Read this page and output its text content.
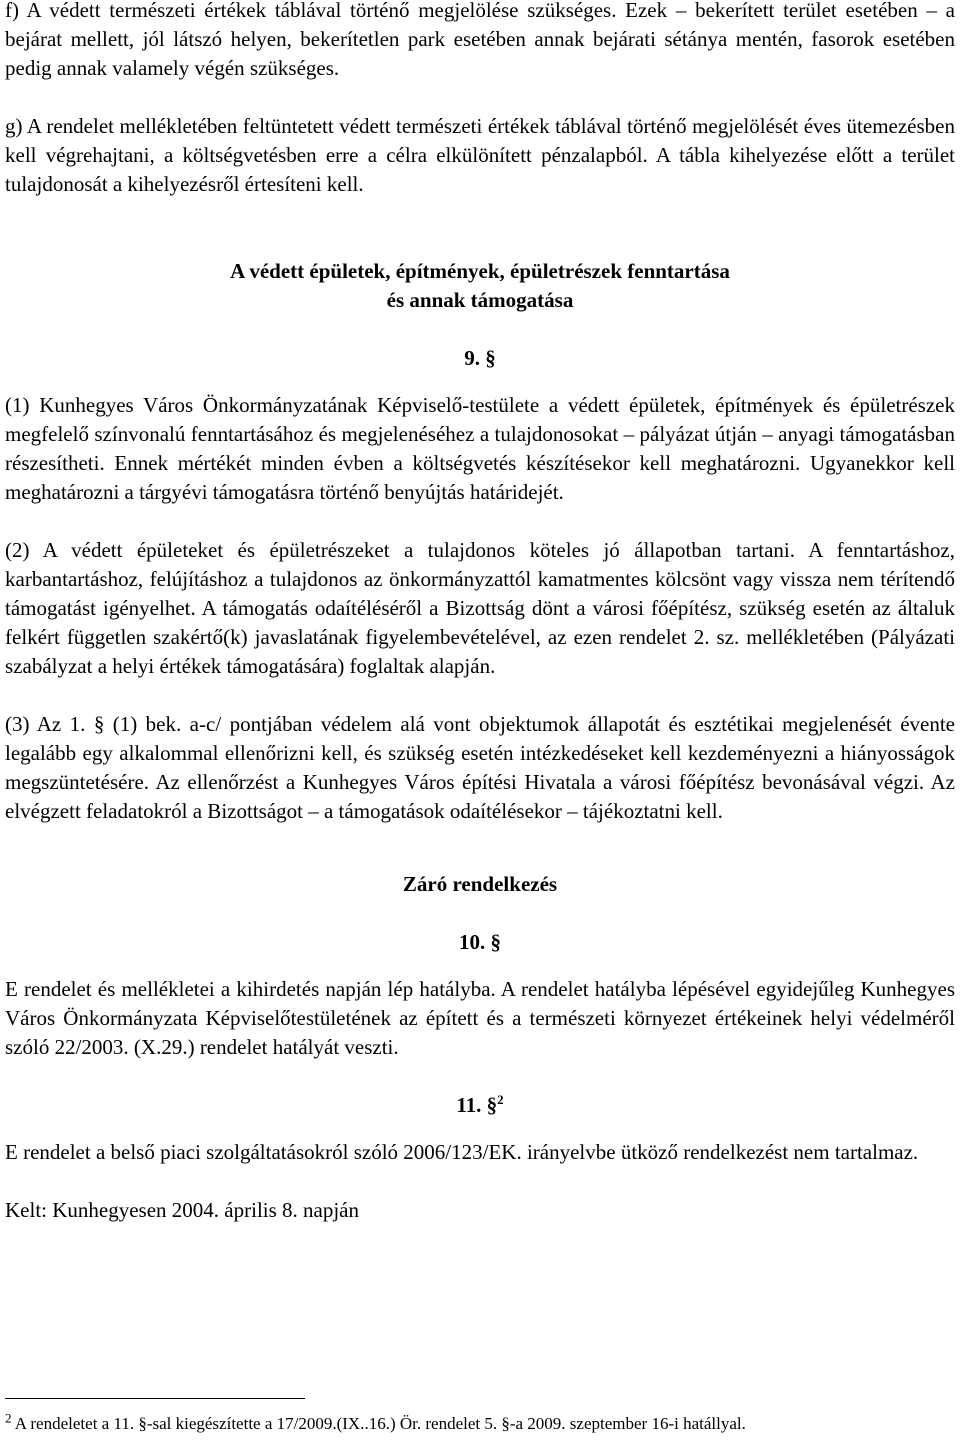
f) A védett természeti értékek táblával történő megjelölése szükséges. Ezek – bekerített terület esetében – a bejárat mellett, jól látszó helyen, bekerítetlen park esetében annak bejárati sétánya mentén, fasorok esetében pedig annak valamely végén szükséges.

g) A rendelet mellékletében feltüntetett védett természeti értékek táblával történő megjelölését éves ütemezésben kell végrehajtani, a költségvetésben erre a célra elkülönített pénzalapból. A tábla kihelyezése előtt a terület tulajdonosát a kihelyezésről értesíteni kell.

A védett épületek, építmények, épületrészek fenntartása
és annak támogatása

9. §

(1) Kunhegyes Város Önkormányzatának Képviselő-testülete a védett épületek, építmények és épületrészek megfelelő színvonalú fenntartásához és megjelenéséhez a tulajdonosokat – pályázat útján – anyagi támogatásban részesítheti. Ennek mértékét minden évben a költségvetés készítésekor kell meghatározni. Ugyanekkor kell meghatározni a tárgyévi támogatásra történő benyújtás határidejét.

(2) A védett épületeket és épületrészeket a tulajdonos köteles jó állapotban tartani. A fenntartáshoz, karbantartáshoz, felújításhoz a tulajdonos az önkormányzattól kamatmentes kölcsönt vagy vissza nem térítendő támogatást igényelhet. A támogatás odaítéléséről a Bizottság dönt a városi főépítész, szükség esetén az általuk felkért független szakértő(k) javaslatának figyelembevételével, az ezen rendelet 2. sz. mellékletében (Pályázati szabályzat a helyi értékek támogatására) foglaltak alapján.

(3) Az 1. § (1) bek. a-c/ pontjában védelem alá vont objektumok állapotát és esztétikai megjelenését évente legalább egy alkalommal ellenőrizni kell, és szükség esetén intézkedéseket kell kezdeményezni a hiányosságok megszüntetésére. Az ellenőrzést a Kunhegyes Város építési Hivatala a városi főépítész bevonásával végzi. Az elvégzett feladatokról a Bizottságot – a támogatások odaítélésekor – tájékoztatni kell.

Záró rendelkezés

10. §

E rendelet és mellékletei a kihirdetés napján lép hatályba. A rendelet hatályba lépésével egyidejűleg Kunhegyes Város Önkormányzata Képviselőtestületének az épített és a természeti környezet értékeinek helyi védelméről szóló 22/2003. (X.29.) rendelet hatályát veszti.

11. §$^2$

E rendelet a belső piaci szolgáltatásokról szóló 2006/123/EK. irányelvbe ütköző rendelkezést nem tartalmaz.

Kelt: Kunhegyesen 2004. április 8. napján

$^2$ A rendeletet a 11. §-sal kiegészítette a 17/2009.(IX..16.) Ör. rendelet 5. §-a 2009. szeptember 16-i hatállyal.
